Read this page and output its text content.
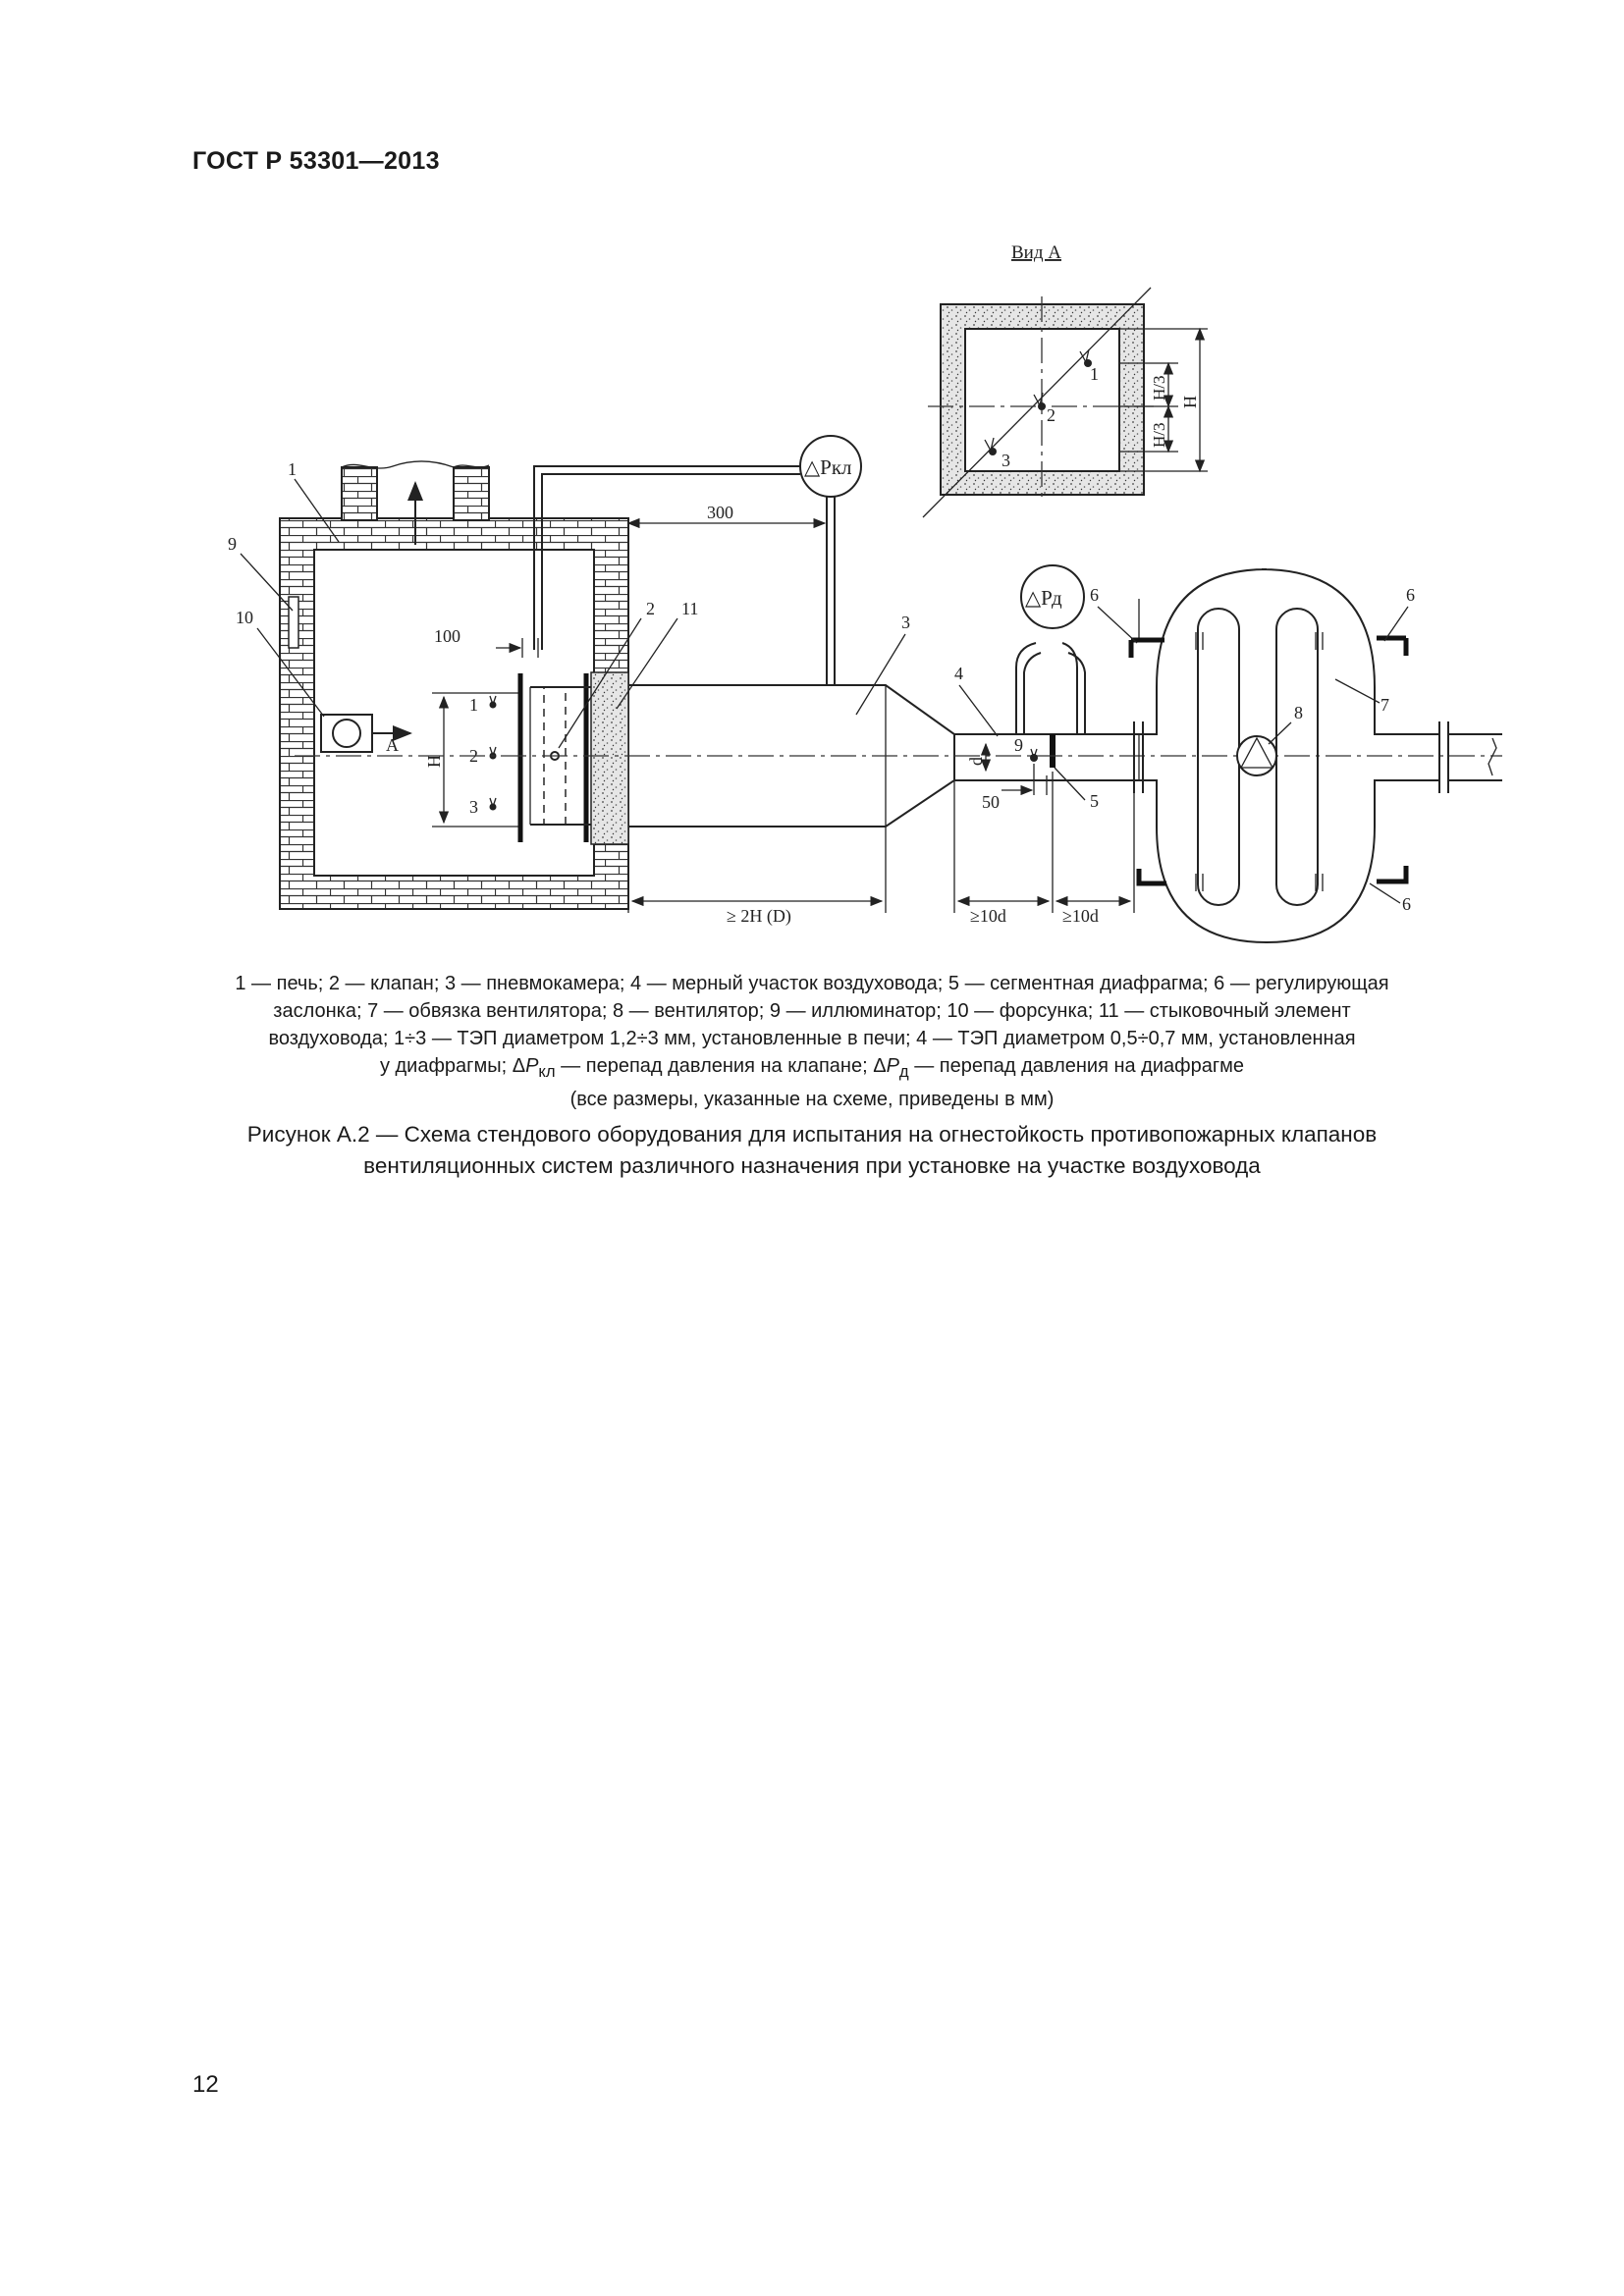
ГОСТ Р 53301—2013
A
H
1
2
3
2 11
△Ркл
300
100
3
≥ 2H (D)
d
9
4
5
50
△Рд
≥10d	≥10d
8	7
6	6
6
1
9
10
Вид А
1
2
3
H/3
H/3
H

1 — печь; 2 — клапан; 3 — пневмокамера; 4 — мерный участок воздуховода; 5 — сегментная диафрагма; 6 — регулирующая

заслонка; 7 — обвязка вентилятора; 8 — вентилятор; 9 — иллюминатор; 10 — форсунка; 11 — стыковочный элемент

воздуховода; 1÷3 — ТЭП диаметром 1,2÷3 мм, установленные в печи; 4 — ТЭП диаметром 0,5÷0,7 мм, установленная

у диафрагмы; $\Delta P_{кл}$ — перепад давления на клапане; $\Delta P_д$ — перепад давления на диафрагме

(все размеры, указанные на схеме, приведены в мм)

Рисунок А.2 — Схема стендового оборудования для испытания на огнестойкость противопожарных клапанов

вентиляционных систем различного назначения при установке на участке воздуховода

12
